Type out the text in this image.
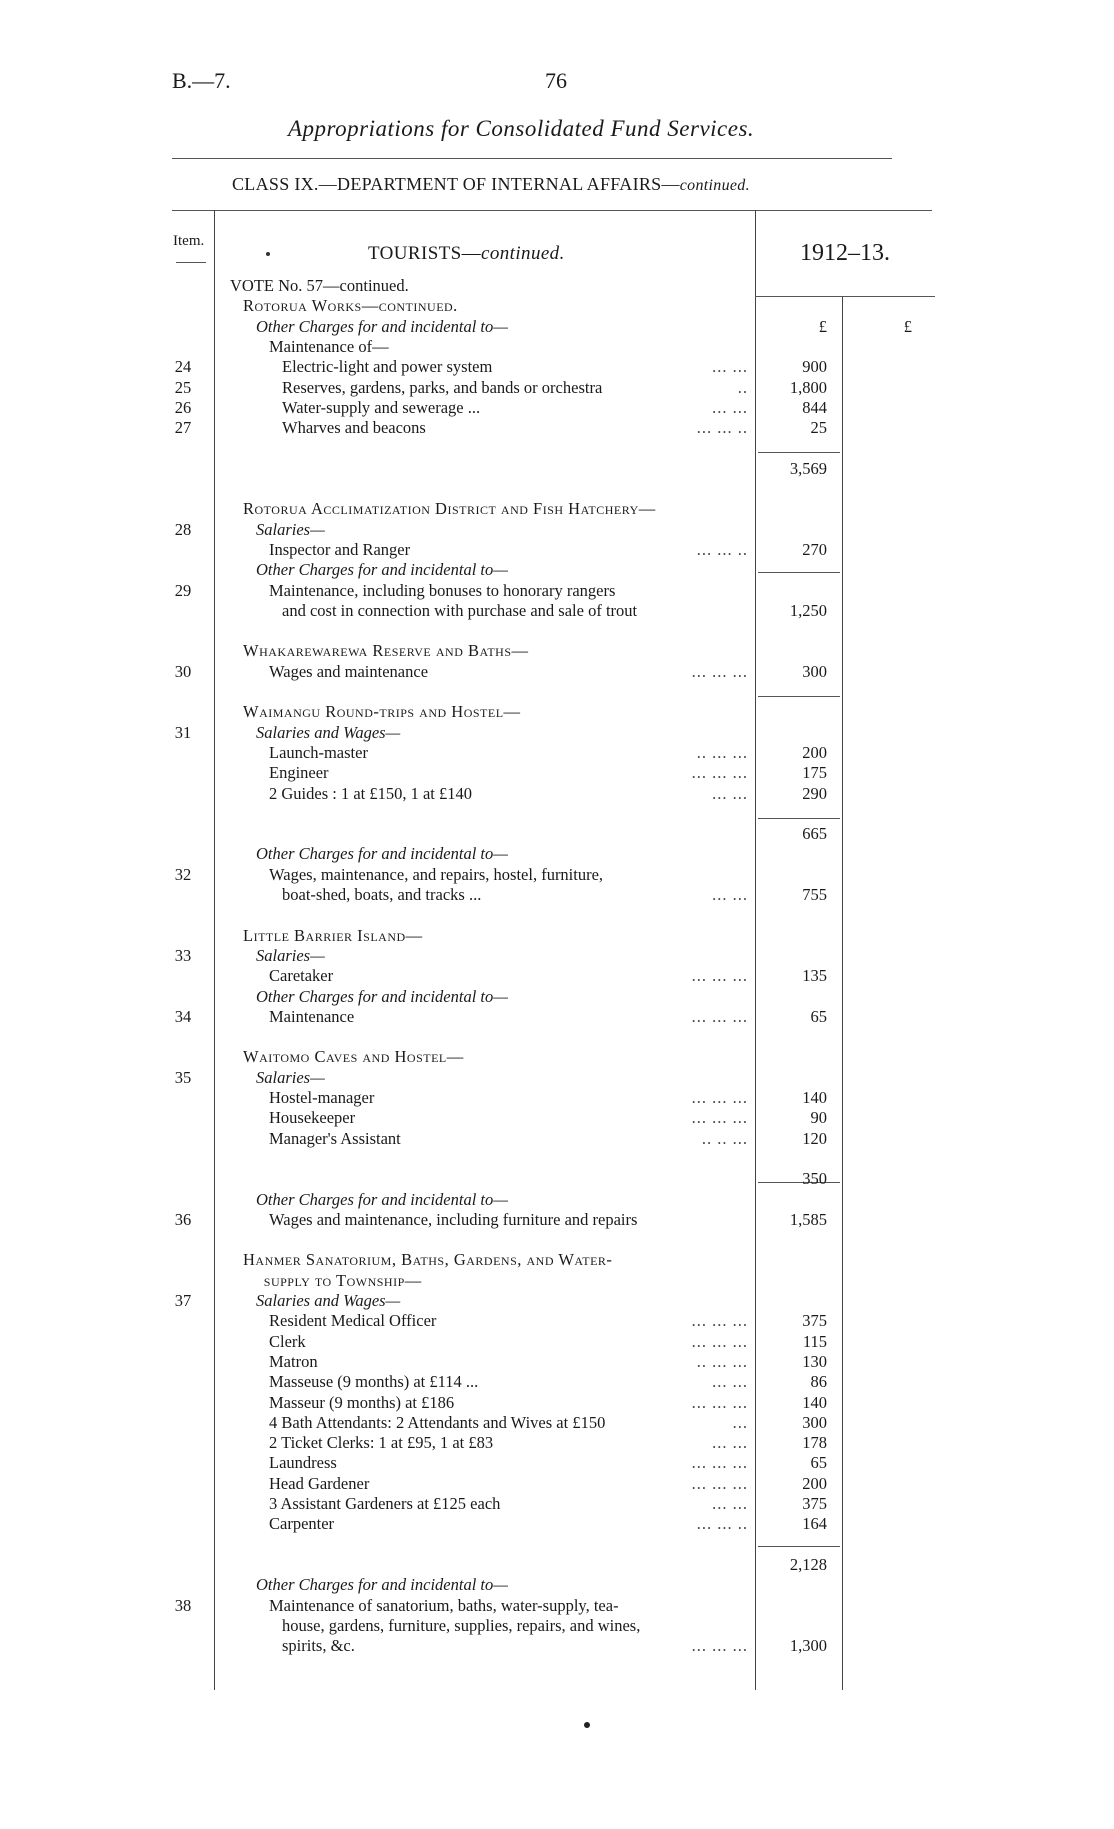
B.—7.	76
Appropriations for Consolidated Fund Services.
CLASS IX.—DEPARTMENT OF INTERNAL AFFAIRS—continued.
Item.
TOURISTS—continued.	1912–13.
VOTE No. 57—continued.
Rotorua Works—continued.
Other Charges for and incidental to—	£	£
Maintenance of—
24	Electric-light and power system	... ...	900
25	Reserves, gardens, parks, and bands or orchestra	..	1,800
26	Water-supply and sewerage ...	... ...	844
27	Wharves and beacons	... ... ..	25
3,569
Rotorua Acclimatization District and Fish Hatchery—
28	Salaries—
Inspector and Ranger	... ... ..	270
Other Charges for and incidental to—
29	Maintenance, including bonuses to honorary rangers
and cost in connection with purchase and sale of trout	1,250
Whakarewarewa Reserve and Baths—
30	Wages and maintenance	... ... ...	300
Waimangu Round-trips and Hostel—
31	Salaries and Wages—
Launch-master	.. ... ...	200
Engineer	... ... ...	175
2 Guides : 1 at £150, 1 at £140	... ...	290
665
Other Charges for and incidental to—
32	Wages, maintenance, and repairs, hostel, furniture,
boat-shed, boats, and tracks ...	... ...	755
Little Barrier Island—
33	Salaries—
Caretaker	... ... ...	135
Other Charges for and incidental to—
34	Maintenance	... ... ...	65
Waitomo Caves and Hostel—
35	Salaries—
Hostel-manager	... ... ...	140
Housekeeper	... ... ...	90
Manager's Assistant	.. .. ...	120
350
Other Charges for and incidental to—
36	Wages and maintenance, including furniture and repairs	1,585
Hanmer Sanatorium, Baths, Gardens, and Water-
supply to Township—
37	Salaries and Wages—
Resident Medical Officer	... ... ...	375
Clerk	... ... ...	115
Matron	.. ... ...	130
Masseuse (9 months) at £114 ...	... ...	86
Masseur (9 months) at £186	... ... ...	140
4 Bath Attendants: 2 Attendants and Wives at £150	...	300
2 Ticket Clerks: 1 at £95, 1 at £83	... ...	178
Laundress	... ... ...	65
Head Gardener	... ... ...	200
3 Assistant Gardeners at £125 each	... ...	375
Carpenter	... ... ..	164
2,128
Other Charges for and incidental to—
38	Maintenance of sanatorium, baths, water-supply, tea-
house, gardens, furniture, supplies, repairs, and wines,
spirits, &c.	... ... ...	1,300
